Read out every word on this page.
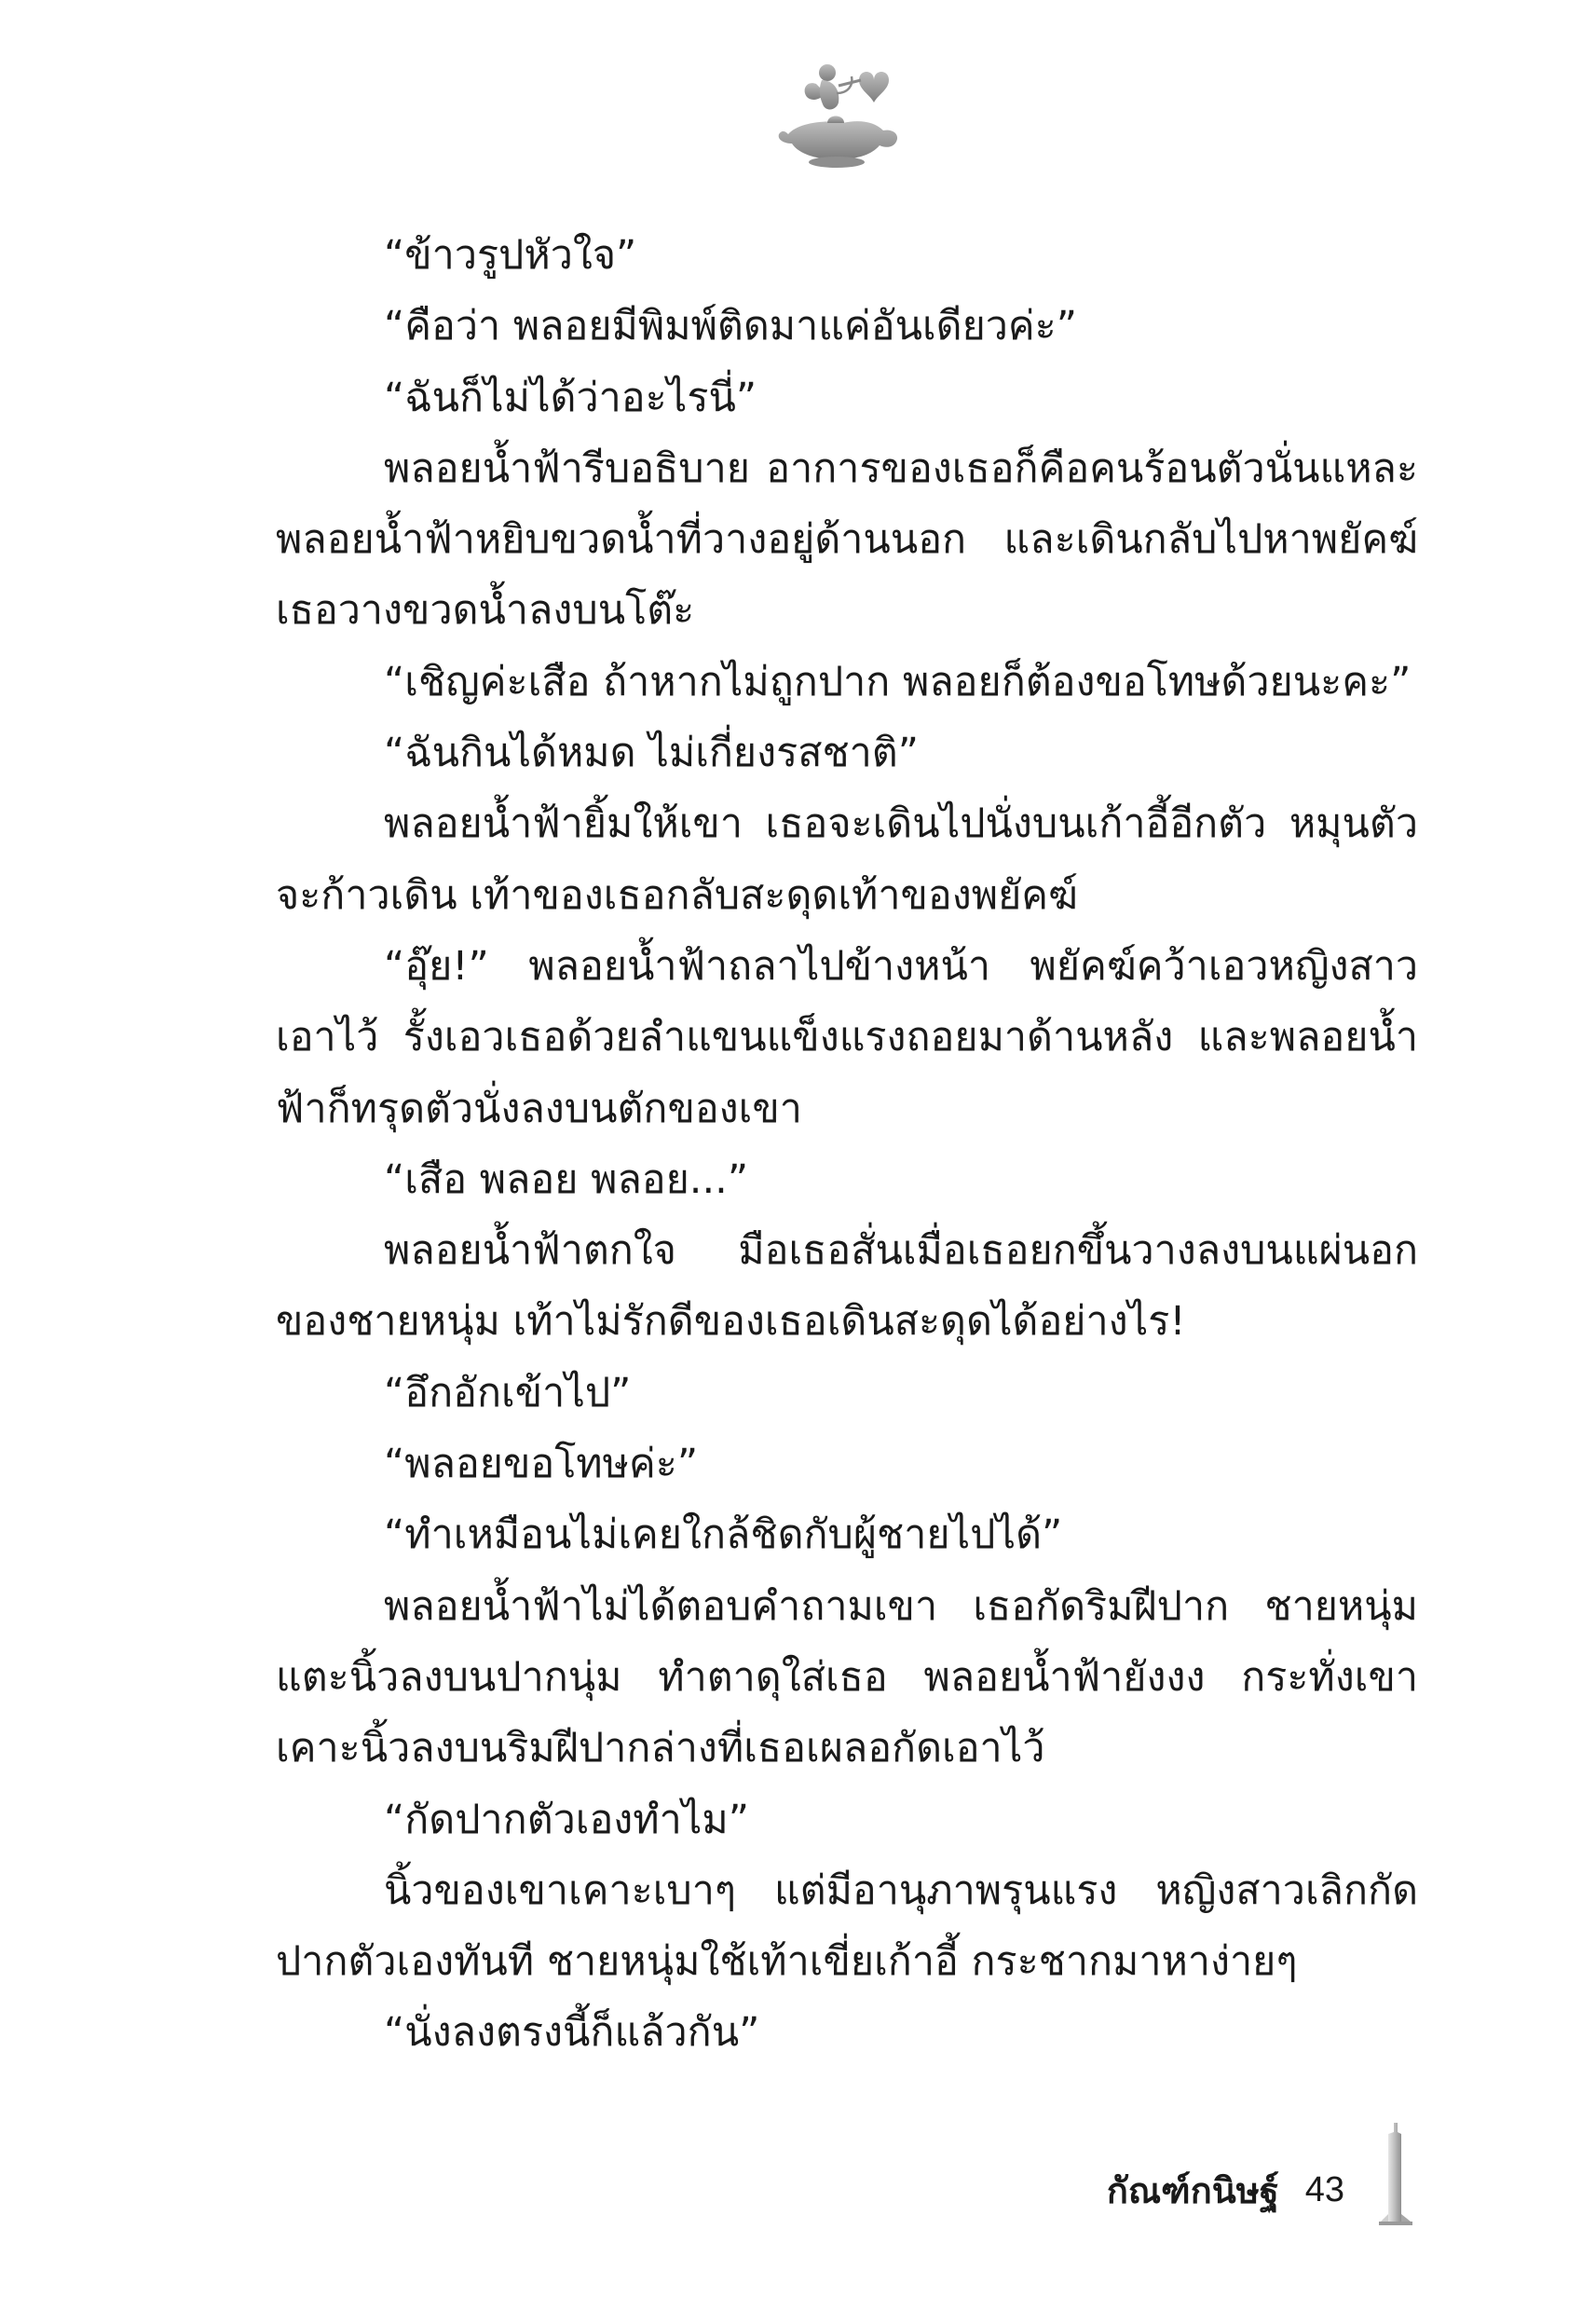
“ข้าวรูปหัวใจ”

“คือว่า พลอยมีพิมพ์ติดมาแค่อันเดียวค่ะ”

“ฉันก็ไม่ได้ว่าอะไรนี่”

พลอยน้ำฟ้ารีบอธิบาย อาการของเธอก็คือคนร้อนตัวนั่นแหละ พลอยน้ำฟ้าหยิบขวดน้ำที่วางอยู่ด้านนอก และเดินกลับไปหาพยัคฆ์ เธอวางขวดน้ำลงบนโต๊ะ

“เชิญค่ะเสือ ถ้าหากไม่ถูกปาก พลอยก็ต้องขอโทษด้วยนะคะ”

“ฉันกินได้หมด ไม่เกี่ยงรสชาติ”

พลอยน้ำฟ้ายิ้มให้เขา เธอจะเดินไปนั่งบนเก้าอี้อีกตัว หมุนตัวจะก้าวเดิน เท้าของเธอกลับสะดุดเท้าของพยัคฆ์

“อุ๊ย!” พลอยน้ำฟ้าถลาไปข้างหน้า พยัคฆ์คว้าเอวหญิงสาวเอาไว้ รั้งเอวเธอด้วยลำแขนแข็งแรงถอยมาด้านหลัง และพลอยน้ำฟ้าก็ทรุดตัวนั่งลงบนตักของเขา

“เสือ พลอย พลอย...”

พลอยน้ำฟ้าตกใจ มือเธอสั่นเมื่อเธอยกขึ้นวางลงบนแผ่นอกของชายหนุ่ม เท้าไม่รักดีของเธอเดินสะดุดได้อย่างไร!

“อึกอักเข้าไป”

“พลอยขอโทษค่ะ”

“ทำเหมือนไม่เคยใกล้ชิดกับผู้ชายไปได้”

พลอยน้ำฟ้าไม่ได้ตอบคำถามเขา เธอกัดริมฝีปาก ชายหนุ่มแตะนิ้วลงบนปากนุ่ม ทำตาดุใส่เธอ พลอยน้ำฟ้ายังงง กระทั่งเขาเคาะนิ้วลงบนริมฝีปากล่างที่เธอเผลอกัดเอาไว้

“กัดปากตัวเองทำไม”

นิ้วของเขาเคาะเบาๆ แต่มีอานุภาพรุนแรง หญิงสาวเลิกกัดปากตัวเองทันที ชายหนุ่มใช้เท้าเขี่ยเก้าอี้ กระชากมาหาง่ายๆ

“นั่งลงตรงนี้ก็แล้วกัน”

กัณฑ์กนิษฐ์ 43
